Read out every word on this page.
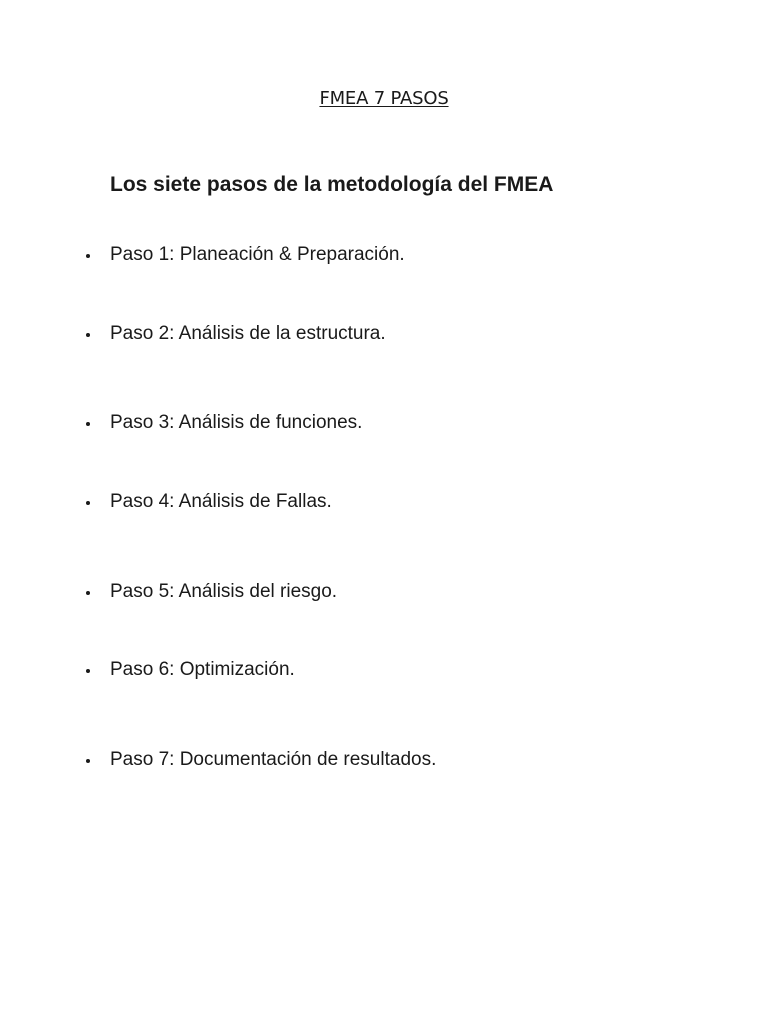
FMEA 7 PASOS
Los siete pasos de la metodología del FMEA
Paso 1: Planeación & Preparación.
Paso 2: Análisis de la estructura.
Paso 3: Análisis de funciones.
Paso 4: Análisis de Fallas.
Paso 5: Análisis del riesgo.
Paso 6: Optimización.
Paso 7: Documentación de resultados.
